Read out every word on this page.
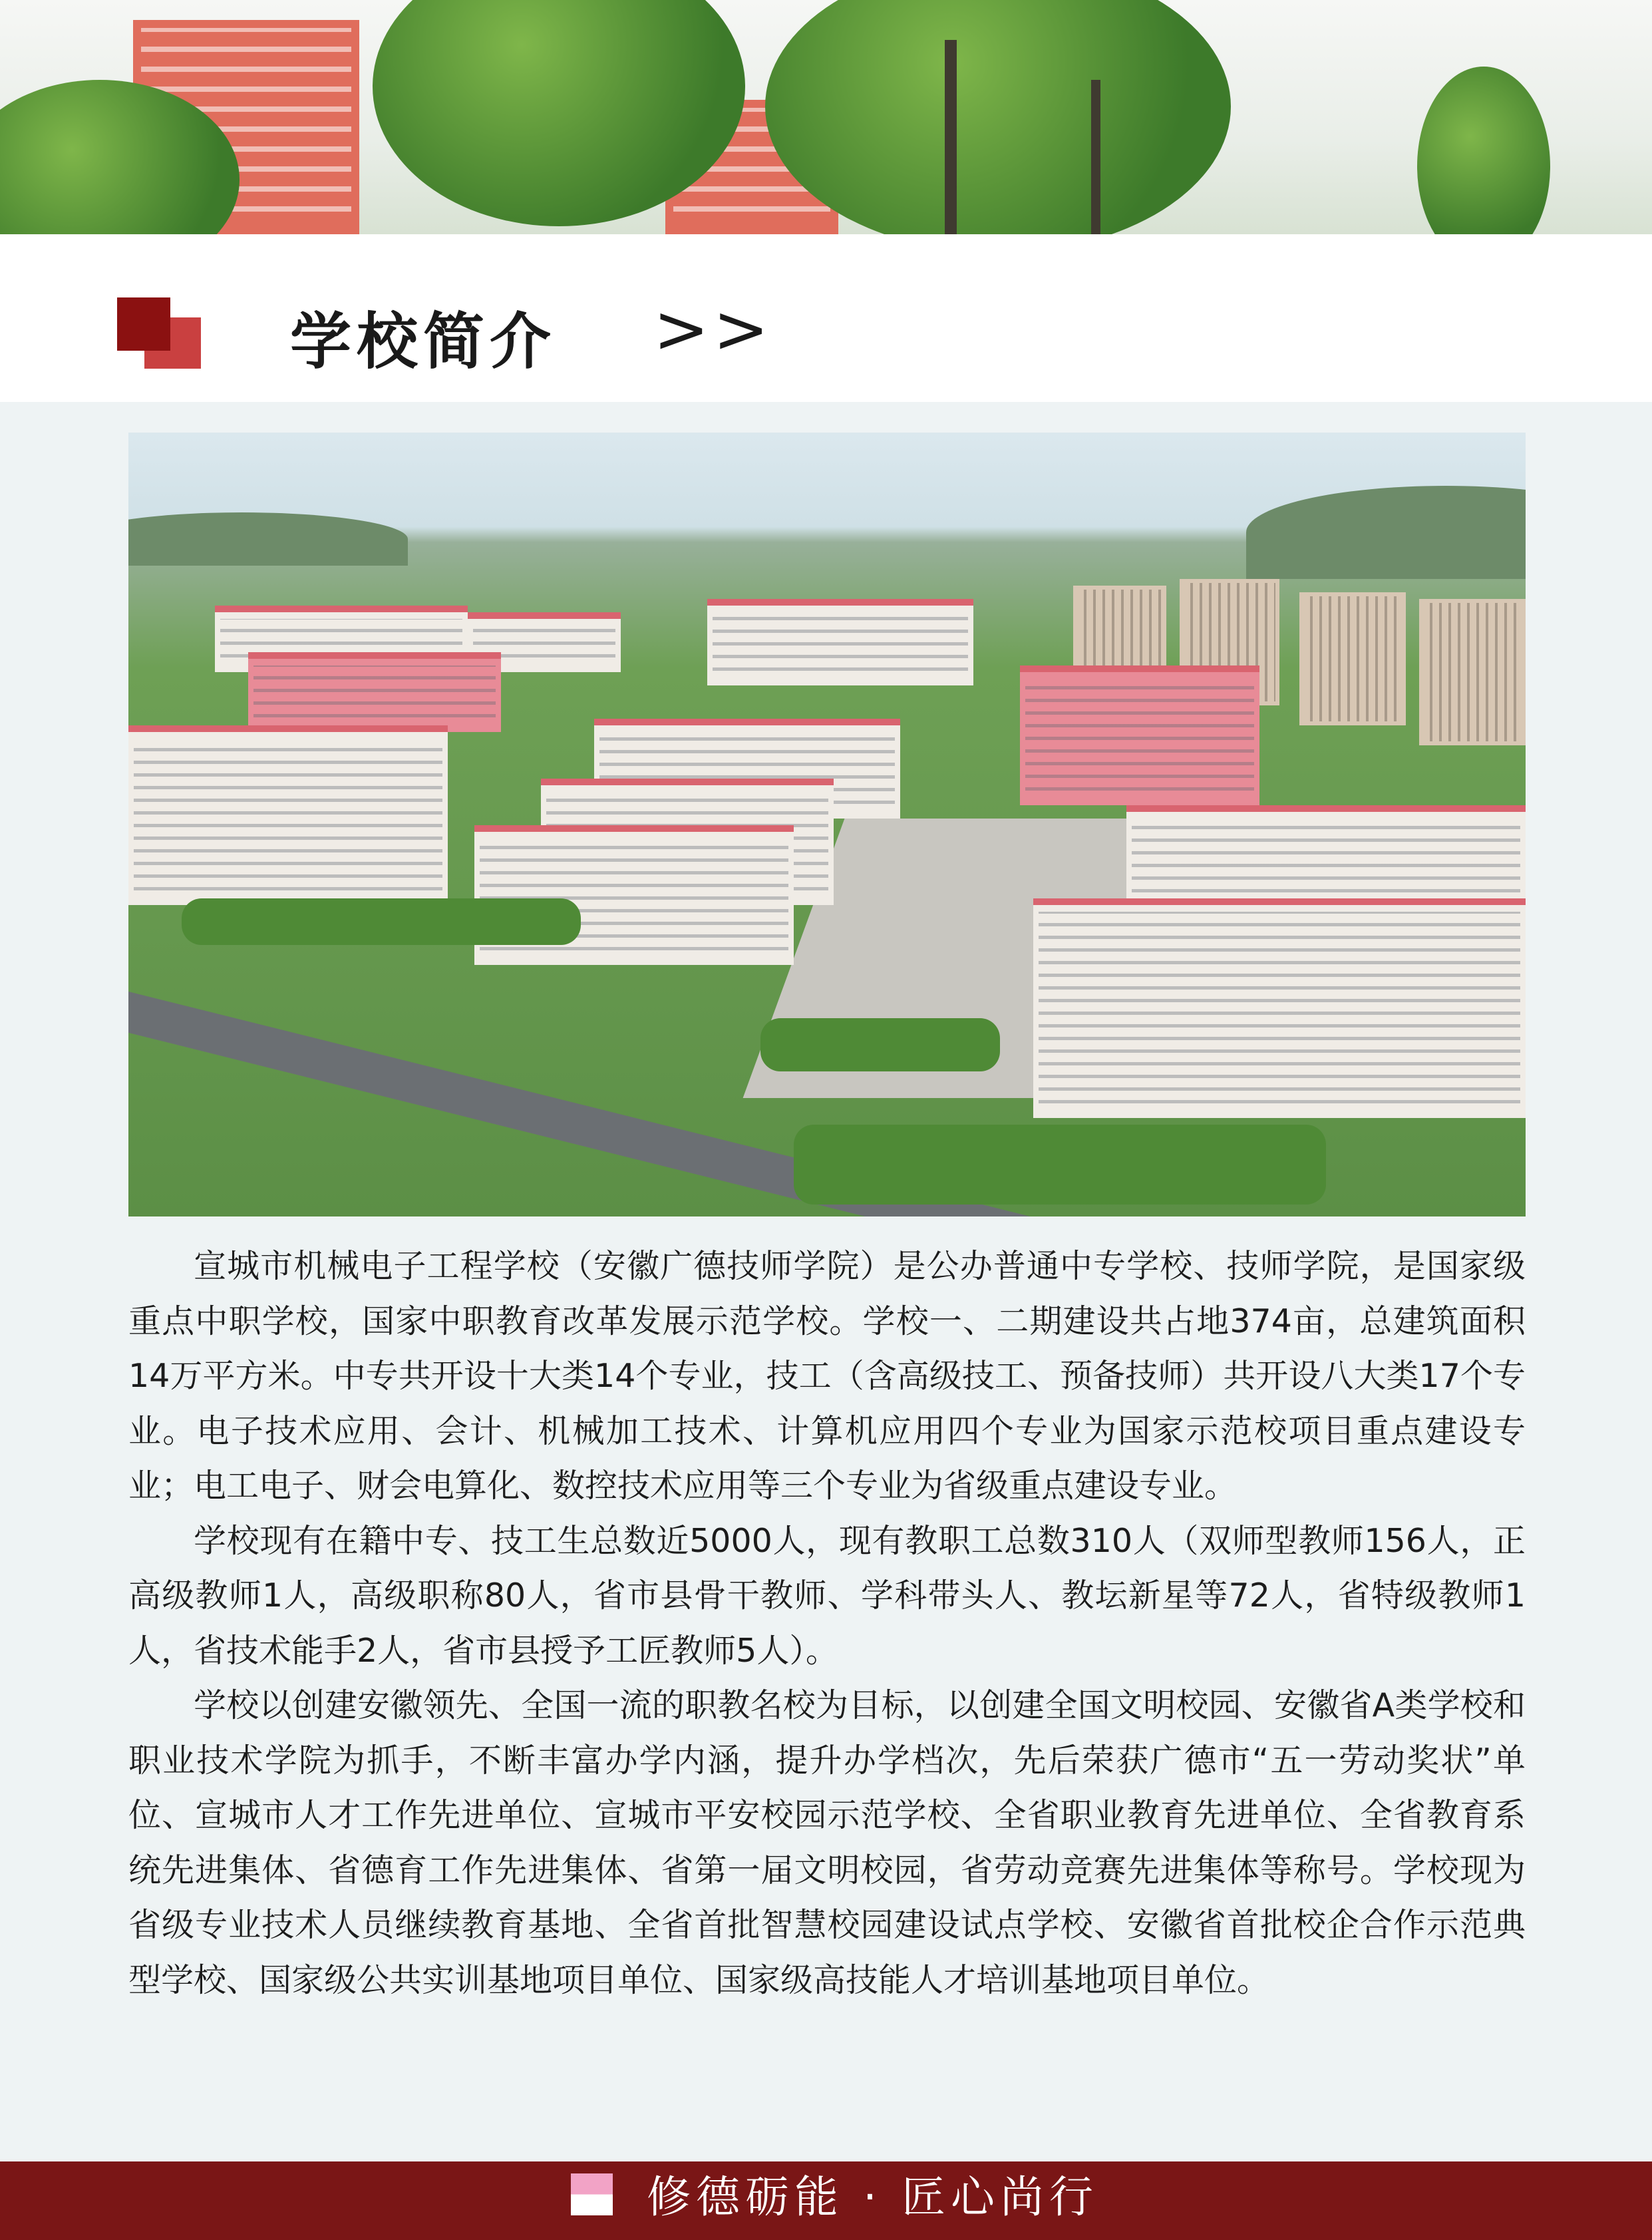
学校简介 >>

宣城市机械电子工程学校（安徽广德技师学院）是公办普通中专学校、技师学院，是国家级重点中职学校，国家中职教育改革发展示范学校。学校一、二期建设共占地374亩，总建筑面积14万平方米。中专共开设十大类14个专业，技工（含高级技工、预备技师）共开设八大类17个专业。电子技术应用、会计、机械加工技术、计算机应用四个专业为国家示范校项目重点建设专业；电工电子、财会电算化、数控技术应用等三个专业为省级重点建设专业。

学校现有在籍中专、技工生总数近5000人，现有教职工总数310人（双师型教师156人，正高级教师1人，高级职称80人，省市县骨干教师、学科带头人、教坛新星等72人，省特级教师1人，省技术能手2人，省市县授予工匠教师5人）。

学校以创建安徽领先、全国一流的职教名校为目标，以创建全国文明校园、安徽省A类学校和职业技术学院为抓手，不断丰富办学内涵，提升办学档次，先后荣获广德市“五一劳动奖状”单位、宣城市人才工作先进单位、宣城市平安校园示范学校、全省职业教育先进单位、全省教育系统先进集体、省德育工作先进集体、省第一届文明校园，省劳动竞赛先进集体等称号。学校现为省级专业技术人员继续教育基地、全省首批智慧校园建设试点学校、安徽省首批校企合作示范典型学校、国家级公共实训基地项目单位、国家级高技能人才培训基地项目单位。

修德砺能 · 匠心尚行
